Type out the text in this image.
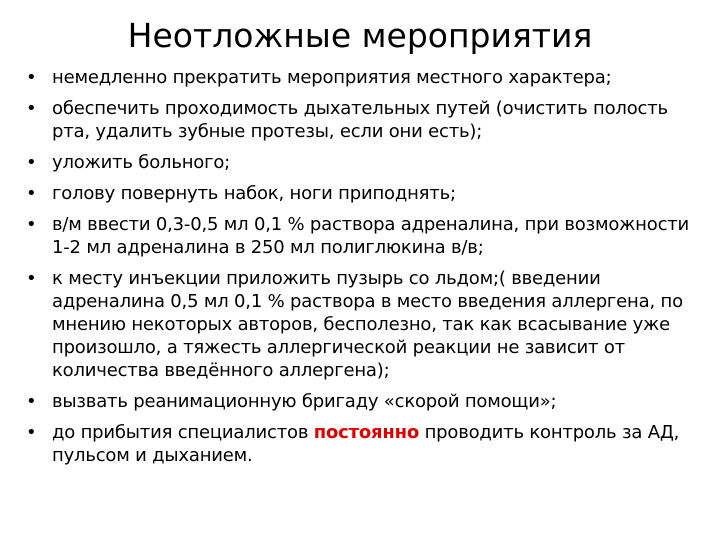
Неотложные мероприятия
• немедленно прекратить мероприятия местного характера;
• обеспечить проходимость дыхательных путей (очистить полость рта, удалить зубные протезы, если они есть);
• уложить больного;
• голову повернуть набок, ноги приподнять;
• в/м ввести 0,3-0,5 мл 0,1 % раствора адреналина, при возможности 1-2 мл адреналина в 250 мл полиглюкина в/в;
• к месту инъекции приложить пузырь со льдом;( введении адреналина 0,5 мл 0,1 % раствора в место введения аллергена, по мнению некоторых авторов, бесполезно, так как всасывание уже произошло, а тяжесть аллергической реакции не зависит от количества введённого аллергена);
• вызвать реанимационную бригаду «скорой помощи»;
• до прибытия специалистов постоянно проводить контроль за АД, пульсом и дыханием.
